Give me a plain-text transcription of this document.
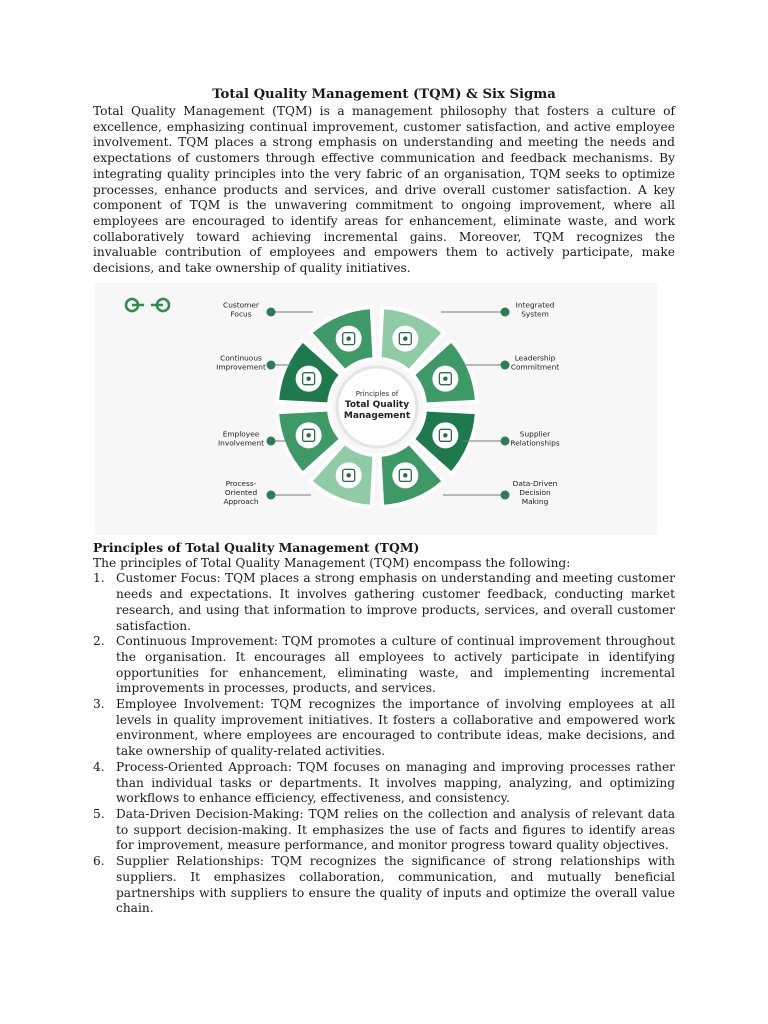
Total Quality Management (TQM) & Six Sigma

Total Quality Management (TQM) is a management philosophy that fosters a culture of excellence, emphasizing continual improvement, customer satisfaction, and active employee involvement. TQM places a strong emphasis on understanding and meeting the needs and expectations of customers through effective communication and feedback mechanisms. By integrating quality principles into the very fabric of an organisation, TQM seeks to optimize processes, enhance products and services, and drive overall customer satisfaction. A key component of TQM is the unwavering commitment to ongoing improvement, where all employees are encouraged to identify areas for enhancement, eliminate waste, and work collaboratively toward achieving incremental gains. Moreover, TQM recognizes the invaluable contribution of employees and empowers them to actively participate, make decisions, and take ownership of quality initiatives.

Principles of
Total Quality
Management
Customer
Focus
Continuous
Improvement
Employee
Involvement
Process-
Oriented
Approach
Integrated
System
Leadership
Commitment
Supplier
Relationships
Data-Driven
Decision
Making

Principles of Total Quality Management (TQM)

The principles of Total Quality Management (TQM) encompass the following:

1. Customer Focus: TQM places a strong emphasis on understanding and meeting customer needs and expectations. It involves gathering customer feedback, conducting market research, and using that information to improve products, services, and overall customer satisfaction.
2. Continuous Improvement: TQM promotes a culture of continual improvement throughout the organisation. It encourages all employees to actively participate in identifying opportunities for enhancement, eliminating waste, and implementing incremental improvements in processes, products, and services.
3. Employee Involvement: TQM recognizes the importance of involving employees at all levels in quality improvement initiatives. It fosters a collaborative and empowered work environment, where employees are encouraged to contribute ideas, make decisions, and take ownership of quality-related activities.
4. Process-Oriented Approach: TQM focuses on managing and improving processes rather than individual tasks or departments. It involves mapping, analyzing, and optimizing workflows to enhance efficiency, effectiveness, and consistency.
5. Data-Driven Decision-Making: TQM relies on the collection and analysis of relevant data to support decision-making. It emphasizes the use of facts and figures to identify areas for improvement, measure performance, and monitor progress toward quality objectives.
6. Supplier Relationships: TQM recognizes the significance of strong relationships with suppliers. It emphasizes collaboration, communication, and mutually beneficial partnerships with suppliers to ensure the quality of inputs and optimize the overall value chain.
